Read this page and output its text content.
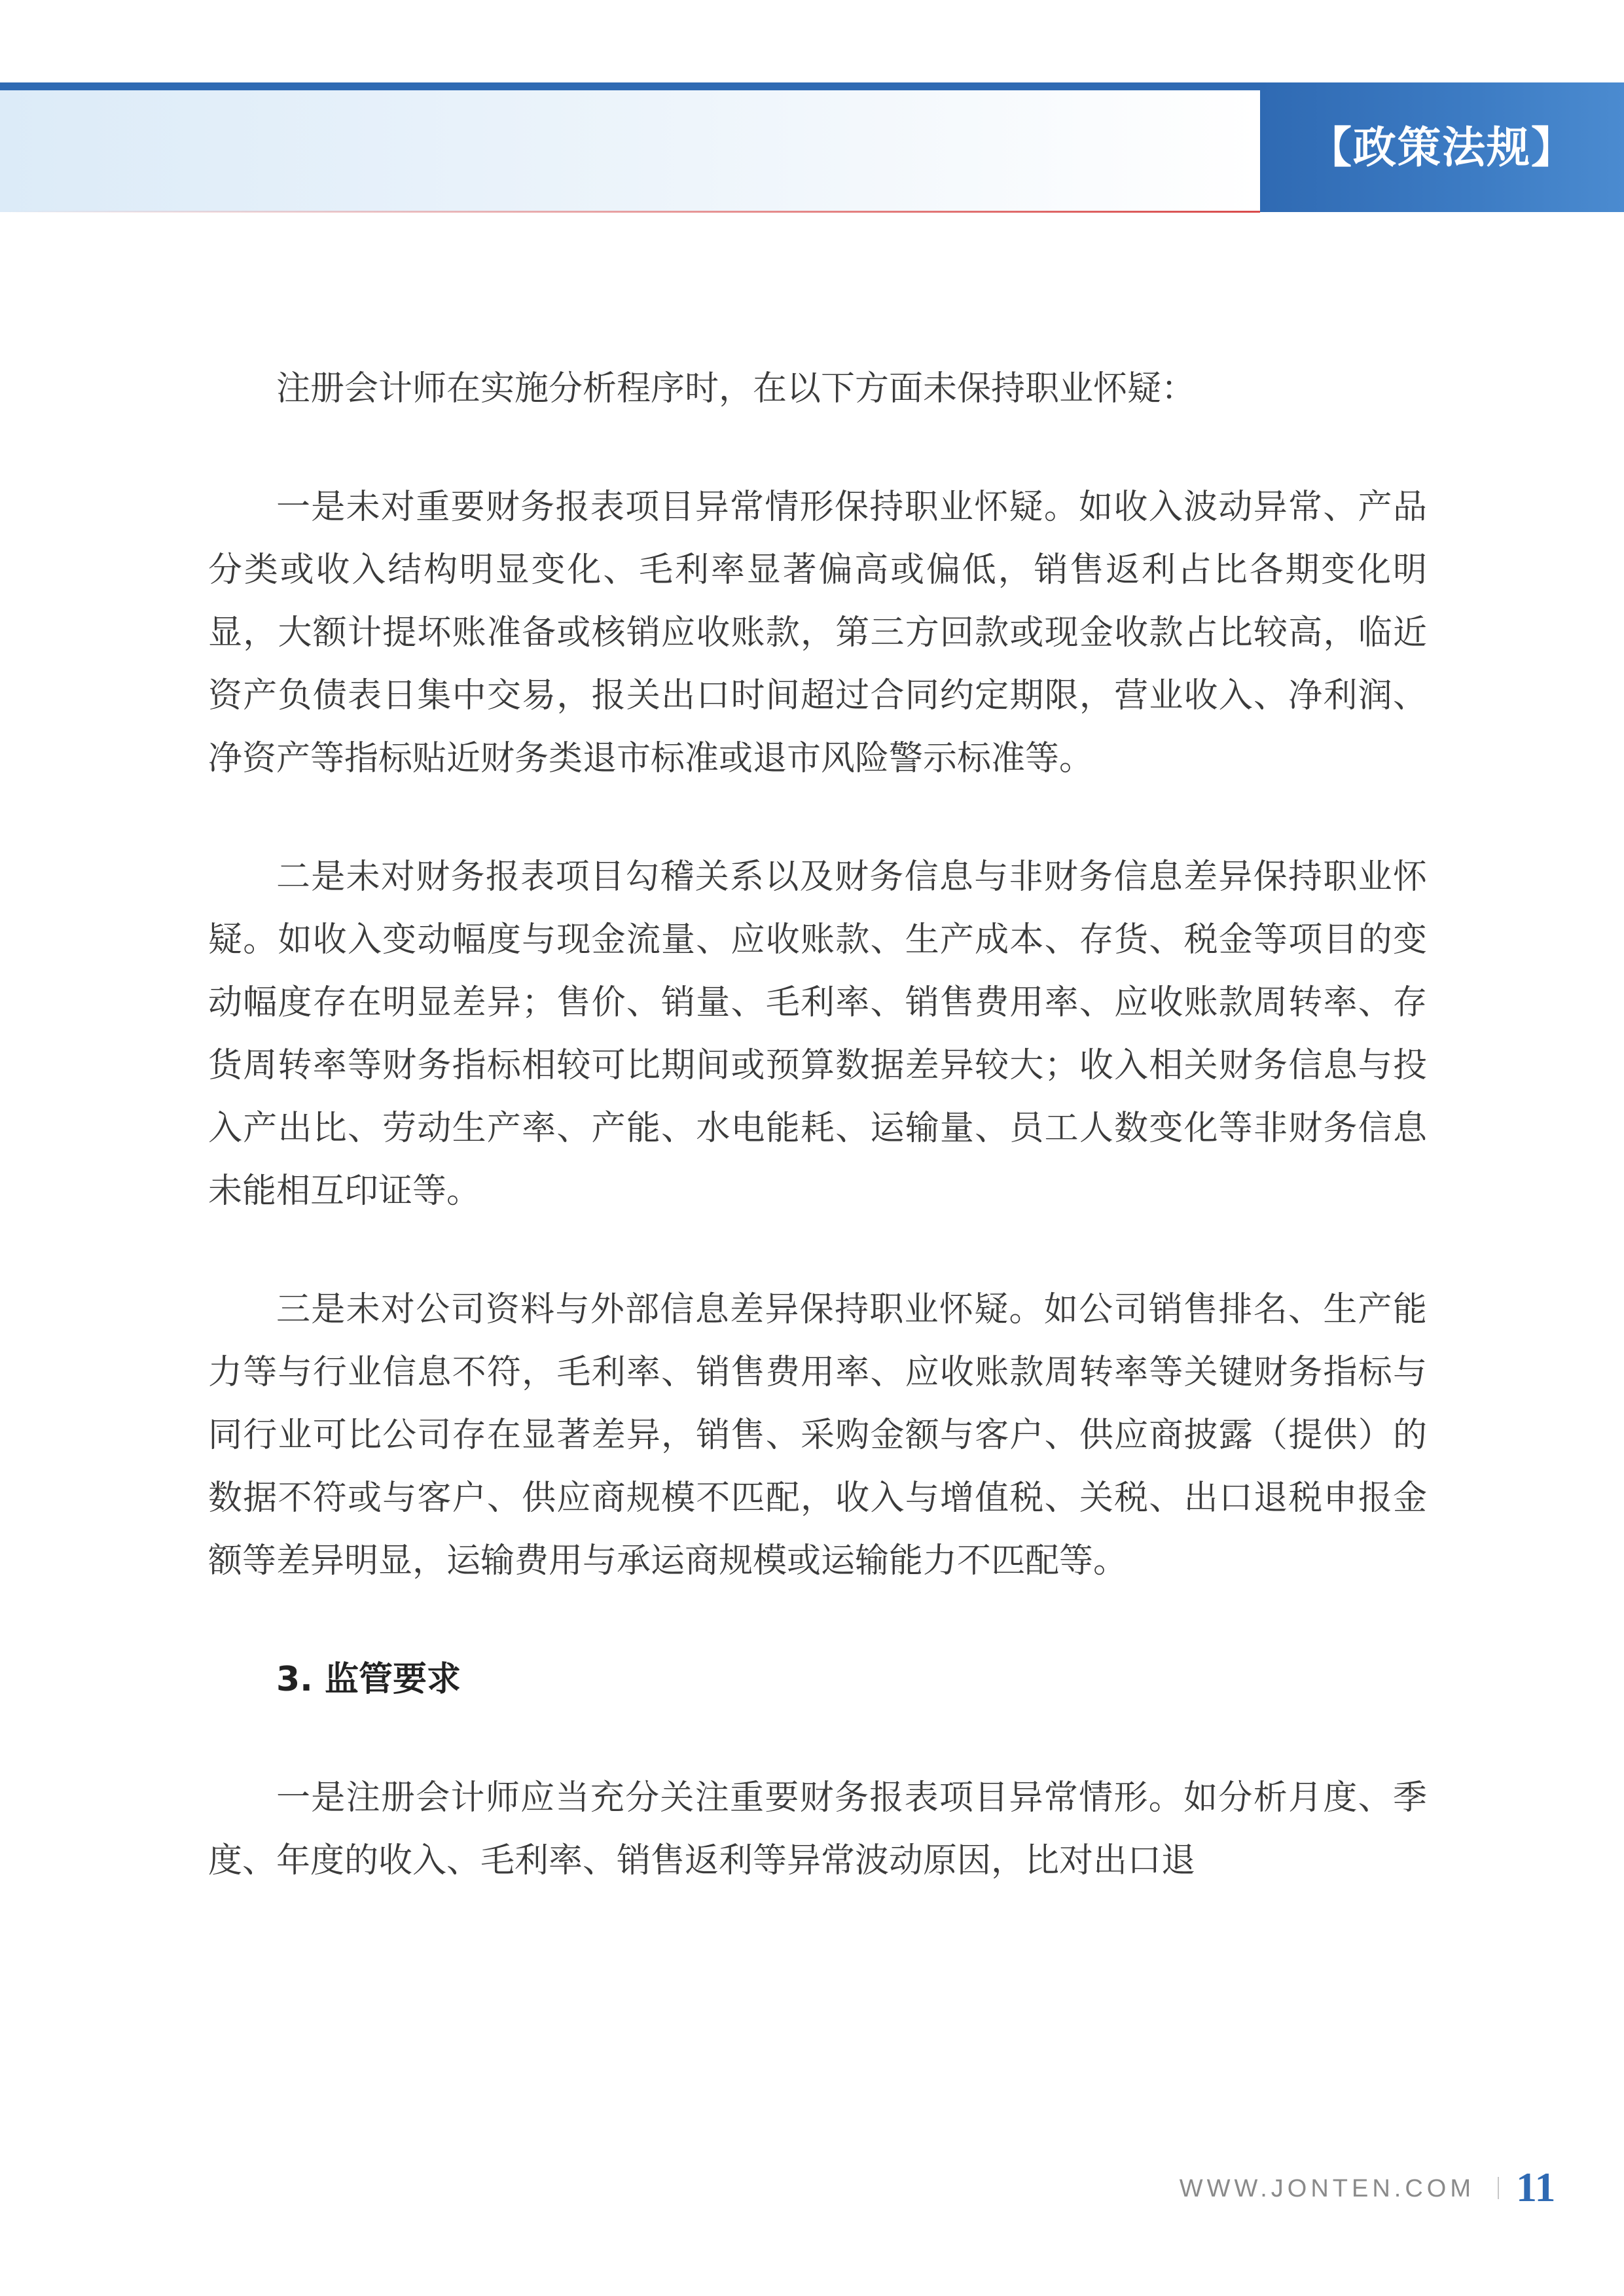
【政策法规】

注册会计师在实施分析程序时，在以下方面未保持职业怀疑：

一是未对重要财务报表项目异常情形保持职业怀疑。如收入波动异常、产品分类或收入结构明显变化、毛利率显著偏高或偏低，销售返利占比各期变化明显，大额计提坏账准备或核销应收账款，第三方回款或现金收款占比较高，临近资产负债表日集中交易，报关出口时间超过合同约定期限，营业收入、净利润、净资产等指标贴近财务类退市标准或退市风险警示标准等。

二是未对财务报表项目勾稽关系以及财务信息与非财务信息差异保持职业怀疑。如收入变动幅度与现金流量、应收账款、生产成本、存货、税金等项目的变动幅度存在明显差异；售价、销量、毛利率、销售费用率、应收账款周转率、存货周转率等财务指标相较可比期间或预算数据差异较大；收入相关财务信息与投入产出比、劳动生产率、产能、水电能耗、运输量、员工人数变化等非财务信息未能相互印证等。

三是未对公司资料与外部信息差异保持职业怀疑。如公司销售排名、生产能力等与行业信息不符，毛利率、销售费用率、应收账款周转率等关键财务指标与同行业可比公司存在显著差异，销售、采购金额与客户、供应商披露（提供）的数据不符或与客户、供应商规模不匹配，收入与增值税、关税、出口退税申报金额等差异明显，运输费用与承运商规模或运输能力不匹配等。

3. 监管要求

一是注册会计师应当充分关注重要财务报表项目异常情形。如分析月度、季度、年度的收入、毛利率、销售返利等异常波动原因，比对出口退

WWW.JONTEN.COM 11
